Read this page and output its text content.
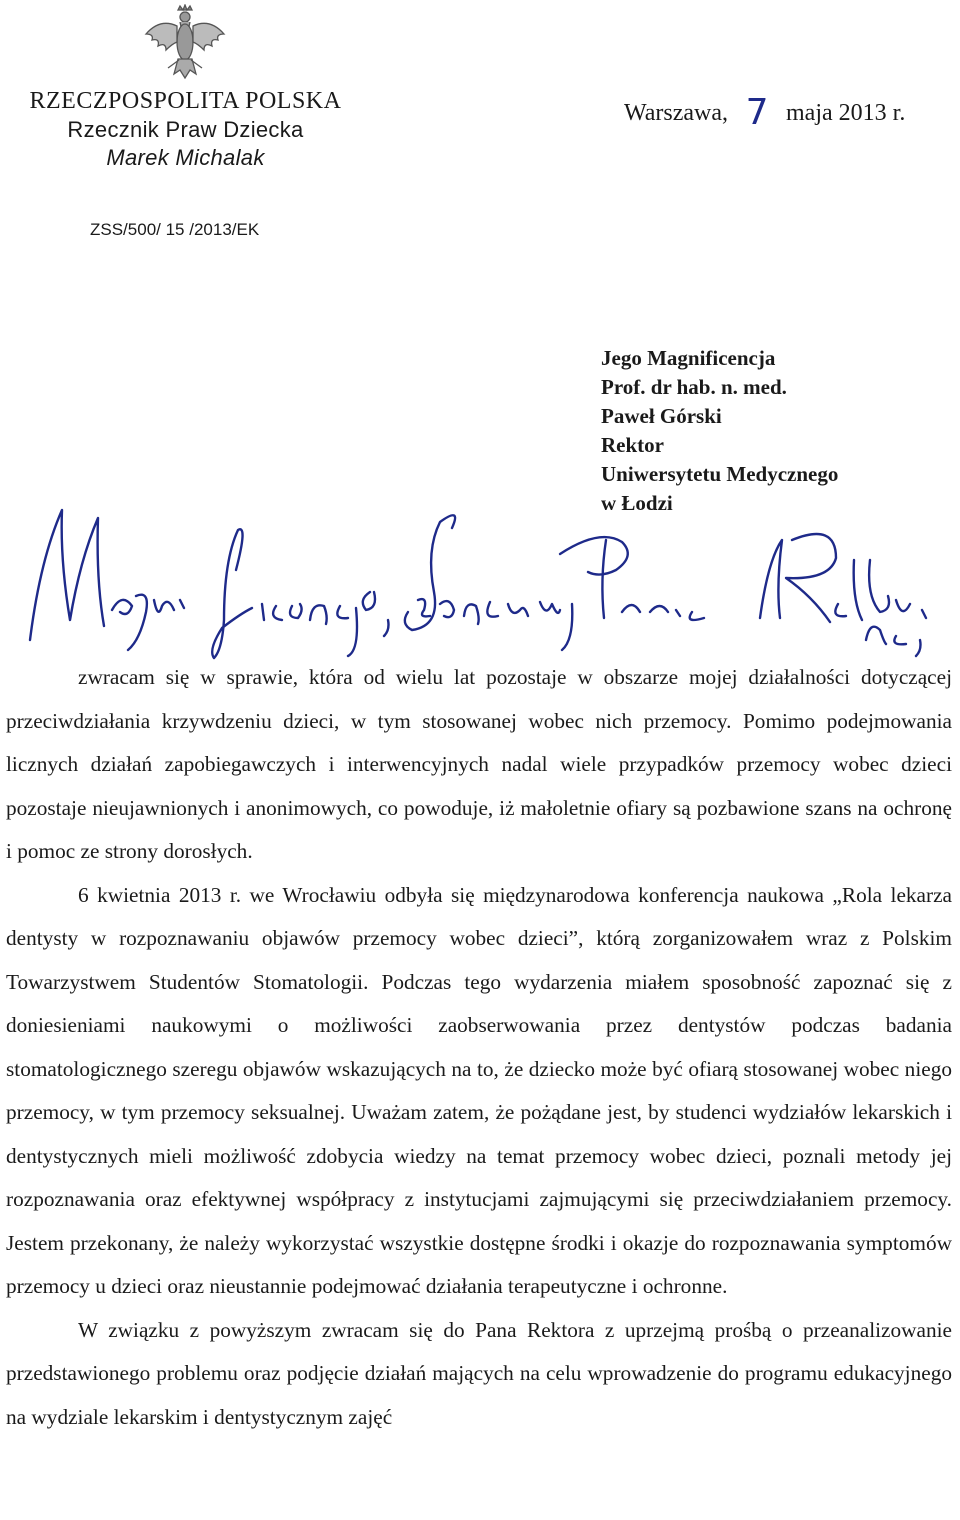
RZECZPOSPOLITA POLSKA
Rzecznik Praw Dziecka
Marek Michalak
Warszawa, 7 maja 2013 r.
ZSS/500/ 15 /2013/EK
Jego Magnificencja
Prof. dr hab. n. med.
Paweł Górski
Rektor
Uniwersytetu Medycznego
w Łodzi

zwracam się w sprawie, która od wielu lat pozostaje w obszarze mojej działalności dotyczącej przeciwdziałania krzywdzeniu dzieci, w tym stosowanej wobec nich przemocy. Pomimo podejmowania licznych działań zapobiegawczych i interwencyjnych nadal wiele przypadków przemocy wobec dzieci pozostaje nieujawnionych i anonimowych, co powoduje, iż małoletnie ofiary są pozbawione szans na ochronę i pomoc ze strony dorosłych.

6 kwietnia 2013 r. we Wrocławiu odbyła się międzynarodowa konferencja naukowa „Rola lekarza dentysty w rozpoznawaniu objawów przemocy wobec dzieci”, którą zorganizowałem wraz z Polskim Towarzystwem Studentów Stomatologii. Podczas tego wydarzenia miałem sposobność zapoznać się z doniesieniami naukowymi o możliwości zaobserwowania przez dentystów podczas badania stomatologicznego szeregu objawów wskazujących na to, że dziecko może być ofiarą stosowanej wobec niego przemocy, w tym przemocy seksualnej. Uważam zatem, że pożądane jest, by studenci wydziałów lekarskich i dentystycznych mieli możliwość zdobycia wiedzy na temat przemocy wobec dzieci, poznali metody jej rozpoznawania oraz efektywnej współpracy z instytucjami zajmującymi się przeciwdziałaniem przemocy. Jestem przekonany, że należy wykorzystać wszystkie dostępne środki i okazje do rozpoznawania symptomów przemocy u dzieci oraz nieustannie podejmować działania terapeutyczne i ochronne.

W związku z powyższym zwracam się do Pana Rektora z uprzejmą prośbą o przeanalizowanie przedstawionego problemu oraz podjęcie działań mających na celu wprowadzenie do programu edukacyjnego na wydziale lekarskim i dentystycznym zajęć
